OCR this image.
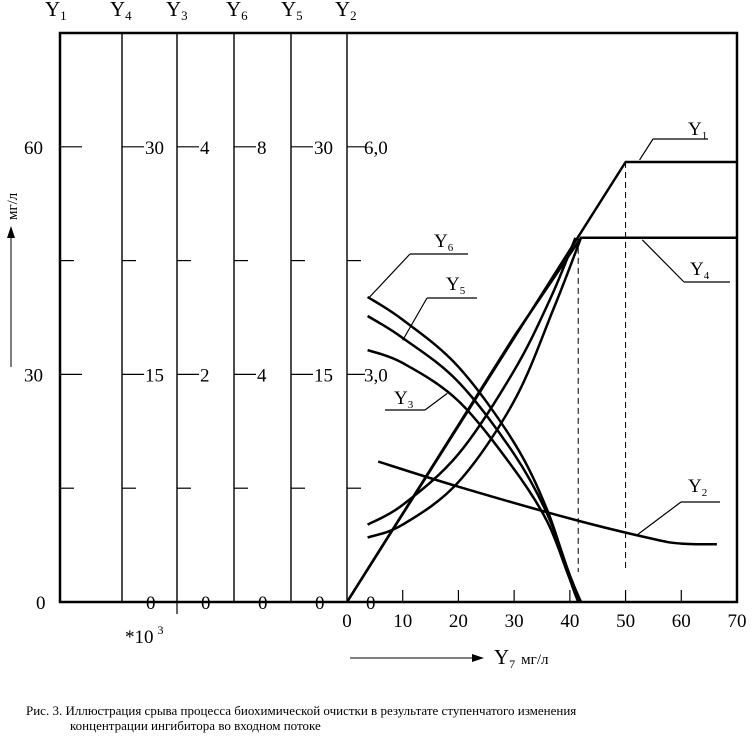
Y1
60
30
0
Y4
30
15
0
Y3
4
2
0
Y6
8
4
0
Y5
30
15
0
Y2
6,0
3,0
0
0 10 20 30 40 50 60 70
мг/л
*10 $^3$
Y7 мг/л
$Y_1$
$Y_4$
$Y_6$
$Y_5$
$Y_3$
$Y_2$
Рис. 3. Иллюстрация срыва процесса биохимической очистки в результате ступенчатого изменения
концентрации ингибитора во входном потоке
